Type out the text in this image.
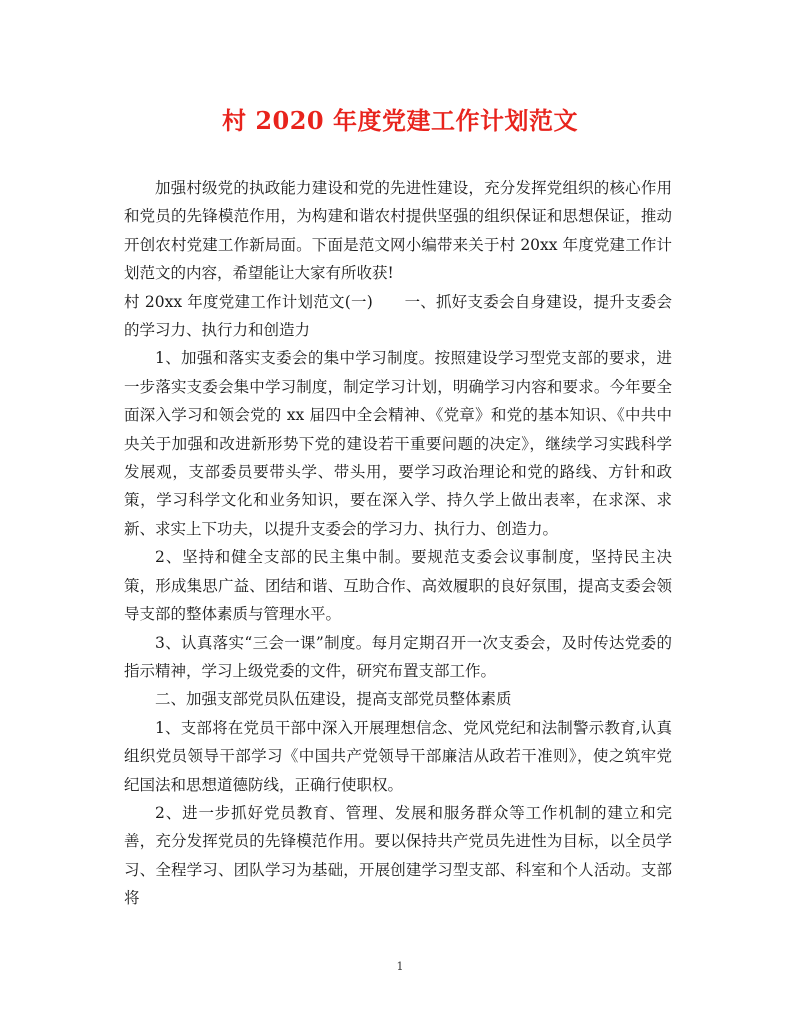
村 2020 年度党建工作计划范文

加强村级党的执政能力建设和党的先进性建设，充分发挥党组织的核心作用和党员的先锋模范作用，为构建和谐农村提供坚强的组织保证和思想保证，推动开创农村党建工作新局面。下面是范文网小编带来关于村 20xx 年度党建工作计划范文的内容，希望能让大家有所收获!

村 20xx 年度党建工作计划范文(一)　　一、抓好支委会自身建设，提升支委会的学习力、执行力和创造力

1、加强和落实支委会的集中学习制度。按照建设学习型党支部的要求，进一步落实支委会集中学习制度，制定学习计划，明确学习内容和要求。今年要全面深入学习和领会党的 xx 届四中全会精神、《党章》和党的基本知识、《中共中央关于加强和改进新形势下党的建设若干重要问题的决定》，继续学习实践科学发展观，支部委员要带头学、带头用，要学习政治理论和党的路线、方针和政策，学习科学文化和业务知识，要在深入学、持久学上做出表率，在求深、求新、求实上下功夫，以提升支委会的学习力、执行力、创造力。

2、坚持和健全支部的民主集中制。要规范支委会议事制度，坚持民主决策，形成集思广益、团结和谐、互助合作、高效履职的良好氛围，提高支委会领导支部的整体素质与管理水平。

3、认真落实“三会一课”制度。每月定期召开一次支委会，及时传达党委的指示精神，学习上级党委的文件，研究布置支部工作。

二、加强支部党员队伍建设，提高支部党员整体素质

1、支部将在党员干部中深入开展理想信念、党风党纪和法制警示教育,认真组织党员领导干部学习《中国共产党领导干部廉洁从政若干准则》，使之筑牢党纪国法和思想道德防线，正确行使职权。

2、进一步抓好党员教育、管理、发展和服务群众等工作机制的建立和完善，充分发挥党员的先锋模范作用。要以保持共产党员先进性为目标，以全员学习、全程学习、团队学习为基础，开展创建学习型支部、科室和个人活动。支部将

1
